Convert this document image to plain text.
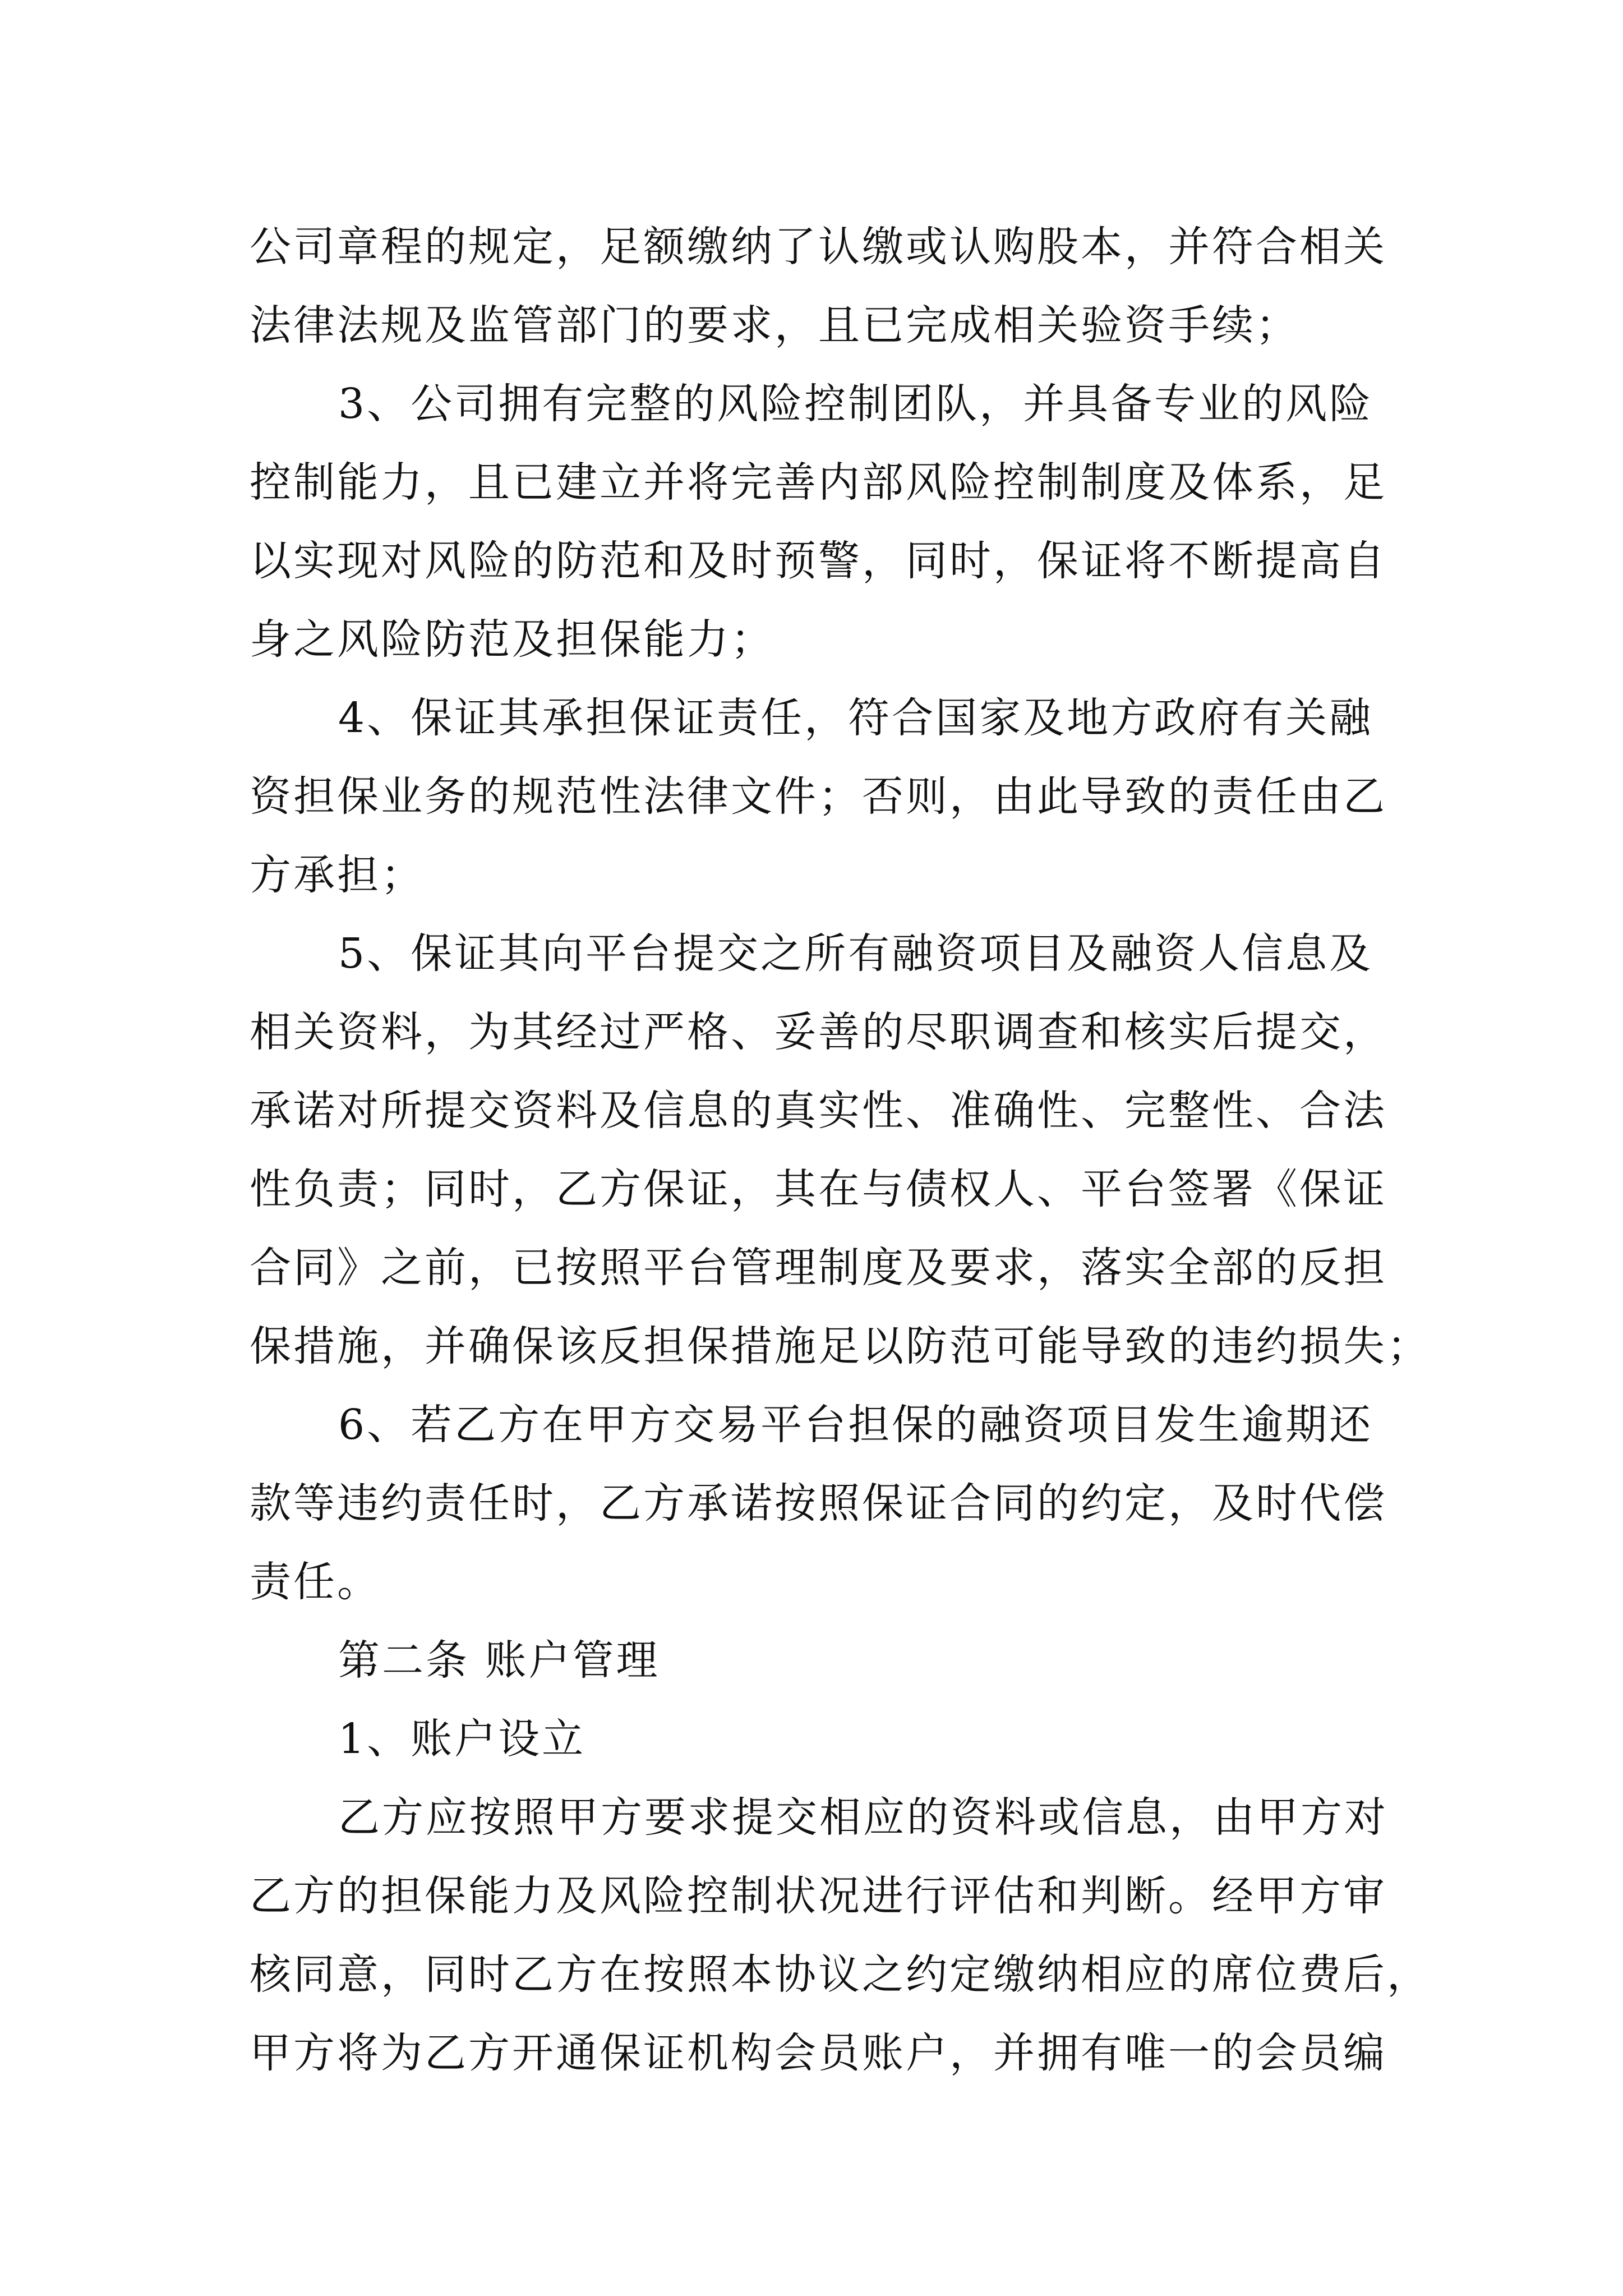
公司章程的规定，足额缴纳了认缴或认购股本，并符合相关
法律法规及监管部门的要求，且已完成相关验资手续；
3、公司拥有完整的风险控制团队，并具备专业的风险
控制能力，且已建立并将完善内部风险控制制度及体系，足
以实现对风险的防范和及时预警，同时，保证将不断提高自
身之风险防范及担保能力；
4、保证其承担保证责任，符合国家及地方政府有关融
资担保业务的规范性法律文件；否则，由此导致的责任由乙
方承担；
5、保证其向平台提交之所有融资项目及融资人信息及
相关资料，为其经过严格、妥善的尽职调查和核实后提交，
承诺对所提交资料及信息的真实性、准确性、完整性、合法
性负责；同时，乙方保证，其在与债权人、平台签署《保证
合同》之前，已按照平台管理制度及要求，落实全部的反担
保措施，并确保该反担保措施足以防范可能导致的违约损失；
6、若乙方在甲方交易平台担保的融资项目发生逾期还
款等违约责任时，乙方承诺按照保证合同的约定，及时代偿
责任。
第二条 账户管理
1、账户设立
乙方应按照甲方要求提交相应的资料或信息，由甲方对
乙方的担保能力及风险控制状况进行评估和判断。经甲方审
核同意，同时乙方在按照本协议之约定缴纳相应的席位费后，
甲方将为乙方开通保证机构会员账户，并拥有唯一的会员编
